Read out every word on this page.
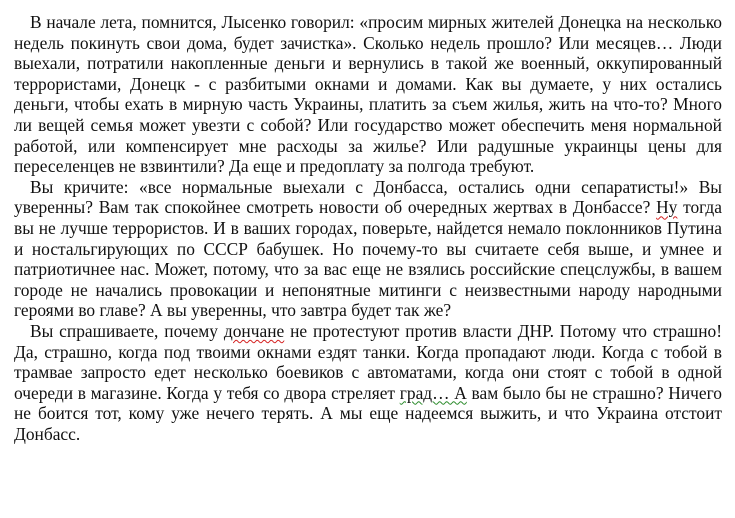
В начале лета, помнится, Лысенко говорил: «просим мирных жителей Донецка на несколько недель покинуть свои дома, будет зачистка». Сколько недель прошло? Или месяцев… Люди выехали, потратили накопленные деньги и вернулись в такой же военный, оккупированный террористами, Донецк - с разбитыми окнами и домами. Как вы думаете, у них остались деньги, чтобы ехать в мирную часть Украины, платить за съем жилья, жить на что-то? Много ли вещей семья может увезти с собой? Или государство может обеспечить меня нормальной работой, или компенсирует мне расходы за жилье? Или радушные украинцы цены для переселенцев не взвинтили? Да еще и предоплату за полгода требуют.

Вы кричите: «все нормальные выехали с Донбасса, остались одни сепаратисты!» Вы уверенны? Вам так спокойнее смотреть новости об очередных жертвах в Донбассе? Ну тогда вы не лучше террористов. И в ваших городах, поверьте, найдется немало поклонников Путина и ностальгирующих по СССР бабушек. Но почему-то вы считаете себя выше, и умнее и патриотичнее нас. Может, потому, что за вас еще не взялись российские спецслужбы, в вашем городе не начались провокации и непонятные митинги с неизвестными народу народными героями во главе? А вы уверенны, что завтра будет так же?

Вы спрашиваете, почему дончане не протестуют против власти ДНР. Потому что страшно! Да, страшно, когда под твоими окнами ездят танки. Когда пропадают люди. Когда с тобой в трамвае запросто едет несколько боевиков с автоматами, когда они стоят с тобой в одной очереди в магазине. Когда у тебя со двора стреляет град… А вам было бы не страшно? Ничего не боится тот, кому уже нечего терять. А мы еще надеемся выжить, и что Украина отстоит Донбасс.
